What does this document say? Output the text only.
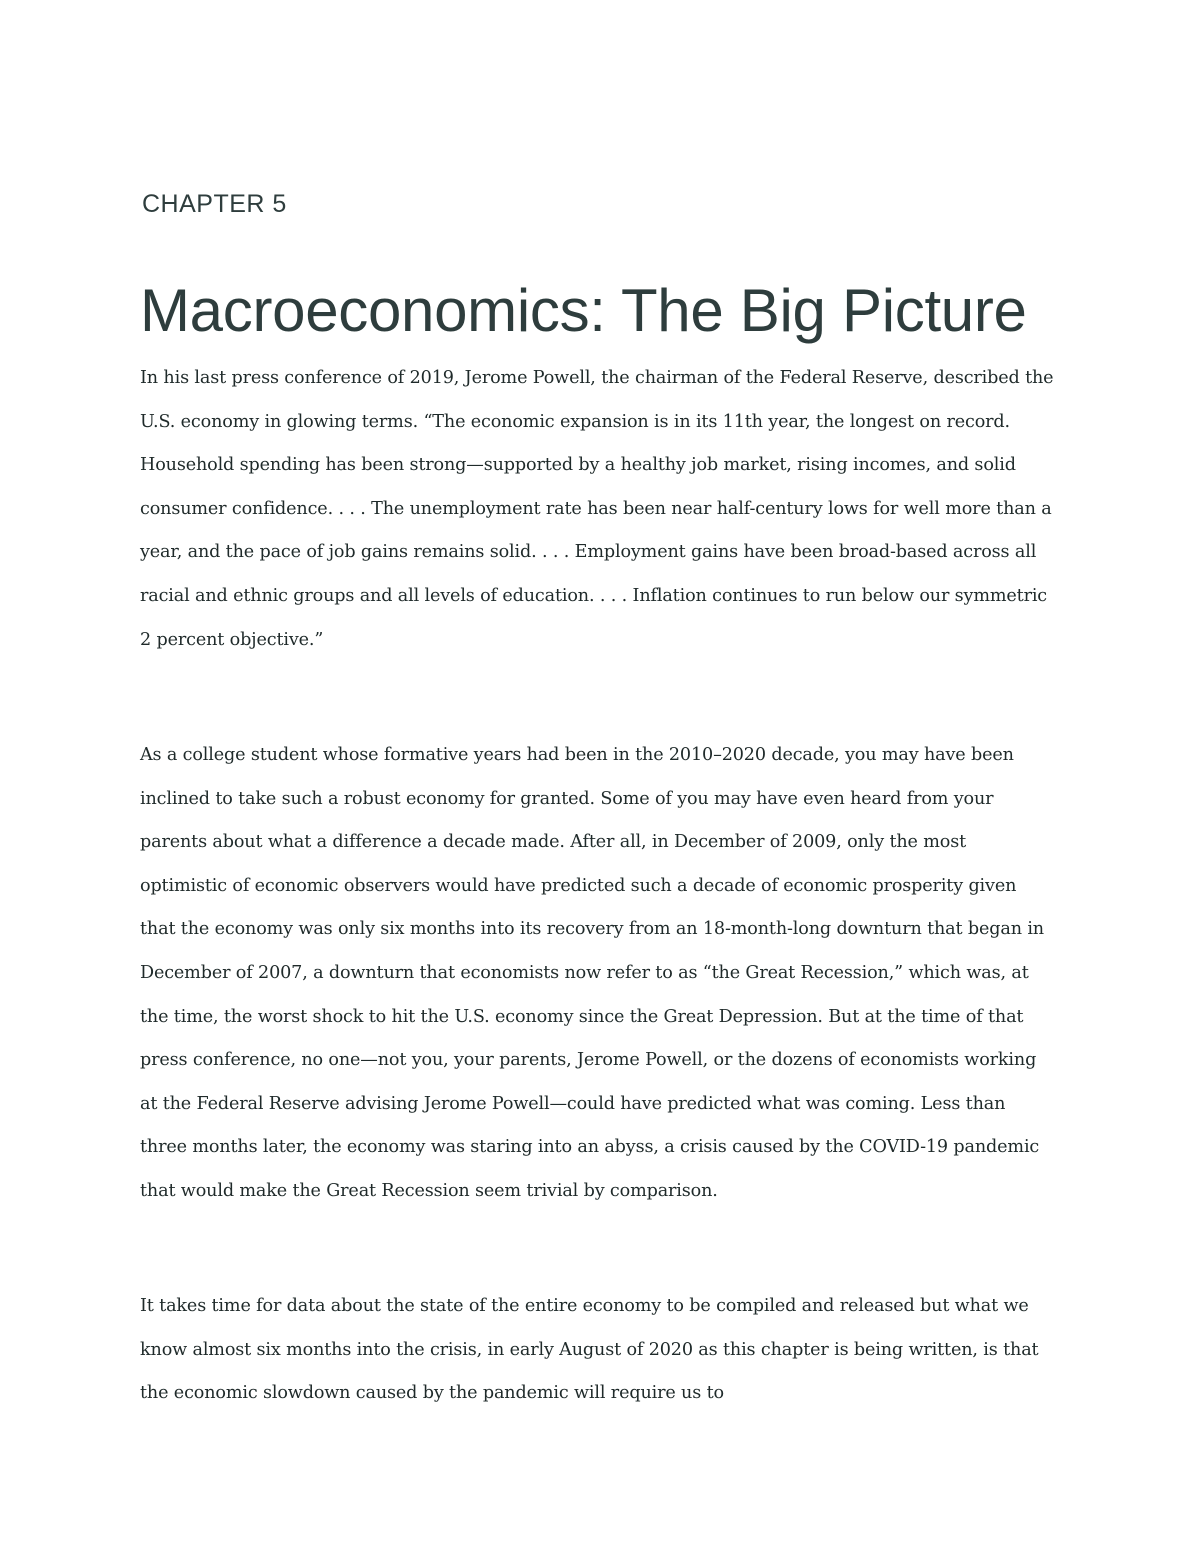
CHAPTER 5
Macroeconomics: The Big Picture

In his last press conference of 2019, Jerome Powell, the chairman of the Federal Reserve, described the U.S. economy in glowing terms. “The economic expansion is in its 11th year, the longest on record. Household spending has been strong—supported by a healthy job market, rising incomes, and solid consumer confidence. . . . The unemployment rate has been near half-century lows for well more than a year, and the pace of job gains remains solid. . . . Employment gains have been broad-based across all racial and ethnic groups and all levels of education. . . . Inflation continues to run below our symmetric 2 percent objective.”

As a college student whose formative years had been in the 2010–2020 decade, you may have been inclined to take such a robust economy for granted. Some of you may have even heard from your parents about what a difference a decade made. After all, in December of 2009, only the most optimistic of economic observers would have predicted such a decade of economic prosperity given that the economy was only six months into its recovery from an 18-month-long downturn that began in December of 2007, a downturn that economists now refer to as “the Great Recession,” which was, at the time, the worst shock to hit the U.S. economy since the Great Depression. But at the time of that press conference, no one—not you, your parents, Jerome Powell, or the dozens of economists working at the Federal Reserve advising Jerome Powell—could have predicted what was coming. Less than three months later, the economy was staring into an abyss, a crisis caused by the COVID-19 pandemic that would make the Great Recession seem trivial by comparison.

It takes time for data about the state of the entire economy to be compiled and released but what we know almost six months into the crisis, in early August of 2020 as this chapter is being written, is that the economic slowdown caused by the pandemic will require us to
